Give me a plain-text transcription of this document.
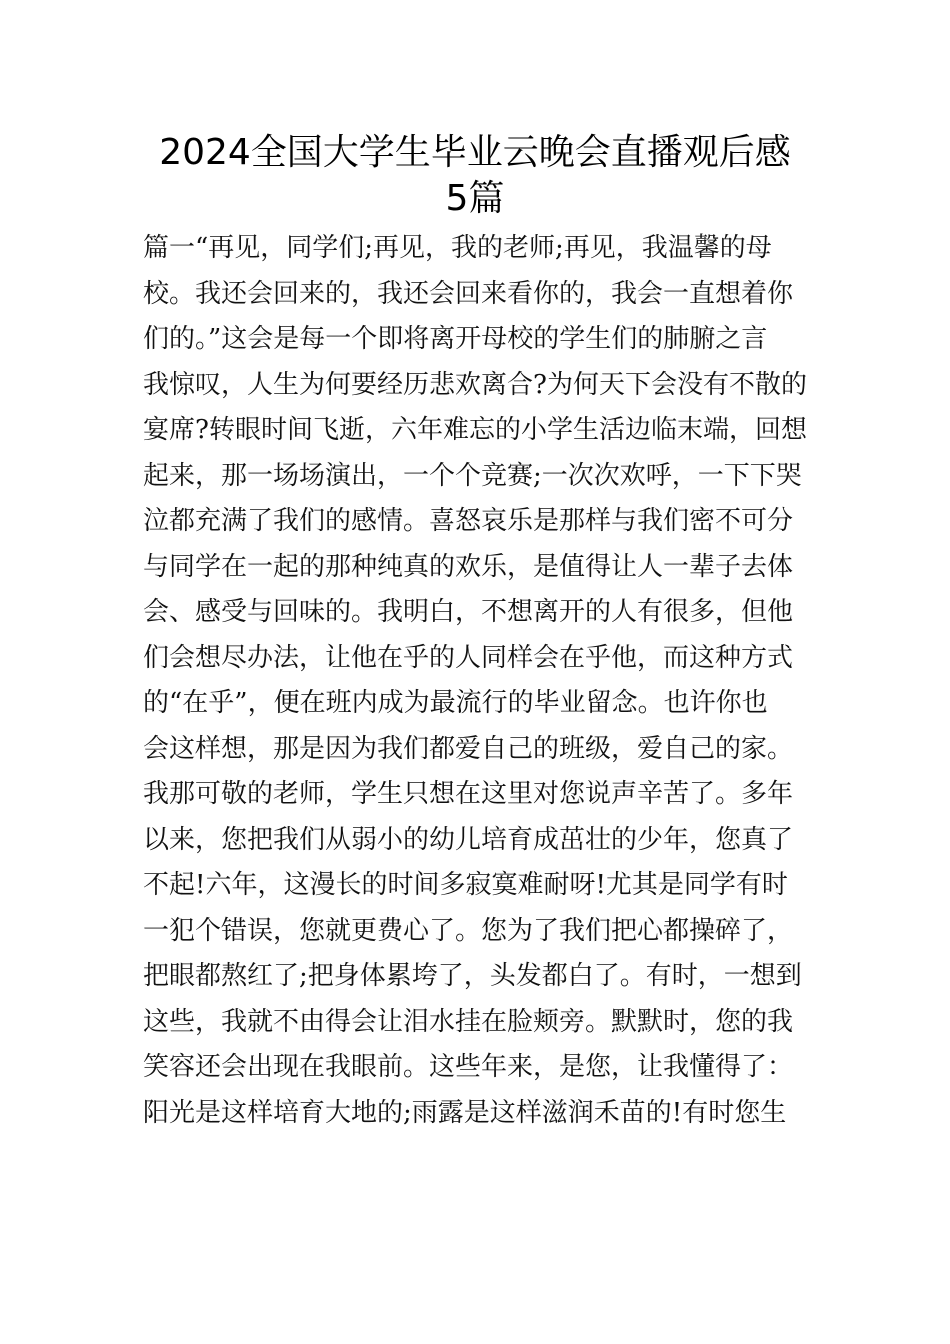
2024全国大学生毕业云晚会直播观后感
5篇
篇一“再见，同学们;再见，我的老师;再见，我温馨的母
校。我还会回来的，我还会回来看你的，我会一直想着你
们的。”这会是每一个即将离开母校的学生们的肺腑之言
我惊叹，人生为何要经历悲欢离合?为何天下会没有不散的
宴席?转眼时间飞逝，六年难忘的小学生活边临末端，回想
起来，那一场场演出，一个个竞赛;一次次欢呼，一下下哭
泣都充满了我们的感情。喜怒哀乐是那样与我们密不可分
与同学在一起的那种纯真的欢乐，是值得让人一辈子去体
会、感受与回味的。我明白，不想离开的人有很多，但他
们会想尽办法，让他在乎的人同样会在乎他，而这种方式
的“在乎”，便在班内成为最流行的毕业留念。也许你也
会这样想，那是因为我们都爱自己的班级，爱自己的家。
我那可敬的老师，学生只想在这里对您说声辛苦了。多年
以来，您把我们从弱小的幼儿培育成茁壮的少年，您真了
不起!六年，这漫长的时间多寂寞难耐呀!尤其是同学有时
一犯个错误，您就更费心了。您为了我们把心都操碎了，
把眼都熬红了;把身体累垮了，头发都白了。有时，一想到
这些，我就不由得会让泪水挂在脸颊旁。默默时，您的我
笑容还会出现在我眼前。这些年来，是您，让我懂得了：
阳光是这样培育大地的;雨露是这样滋润禾苗的!有时您生
